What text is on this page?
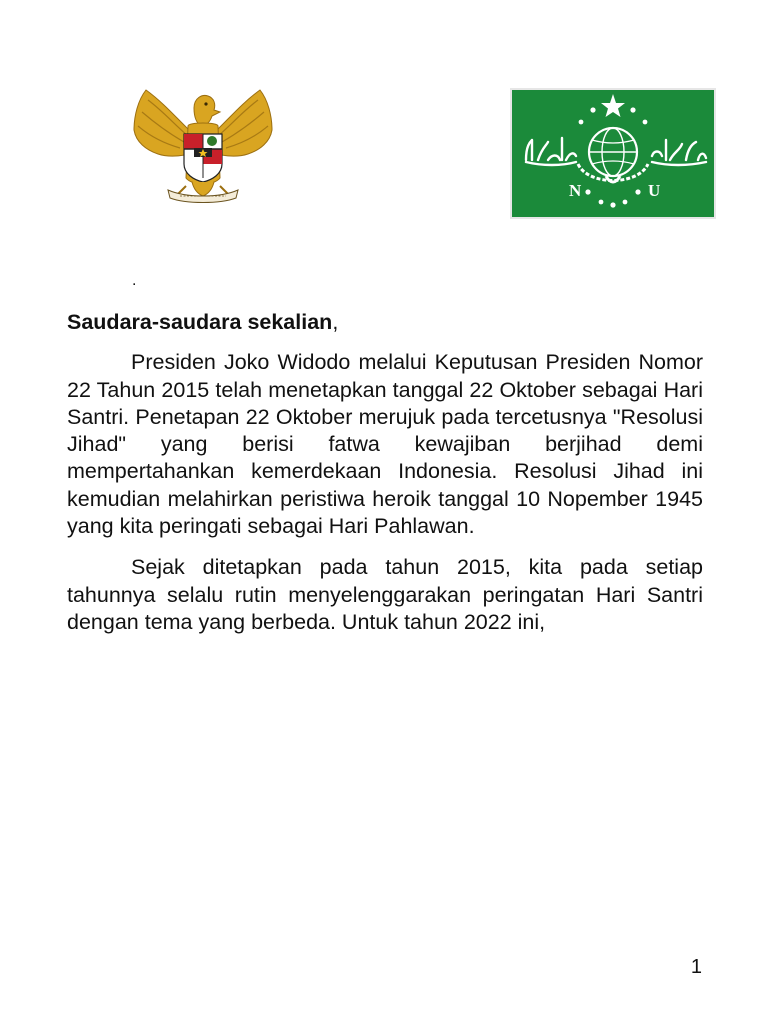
N	U
.

Saudara-saudara sekalian,

Presiden Joko Widodo melalui Keputusan Presiden Nomor 22 Tahun 2015 telah menetapkan tanggal 22 Oktober sebagai Hari Santri. Penetapan 22 Oktober merujuk pada tercetusnya "Resolusi Jihad" yang berisi fatwa kewajiban berjihad demi mempertahankan kemerdekaan Indonesia. Resolusi Jihad ini kemudian melahirkan peristiwa heroik tanggal 10 Nopember 1945 yang kita peringati sebagai Hari Pahlawan.

Sejak ditetapkan pada tahun 2015, kita pada setiap tahunnya selalu rutin menyelenggarakan peringatan Hari Santri dengan tema yang berbeda. Untuk tahun 2022 ini,

1
